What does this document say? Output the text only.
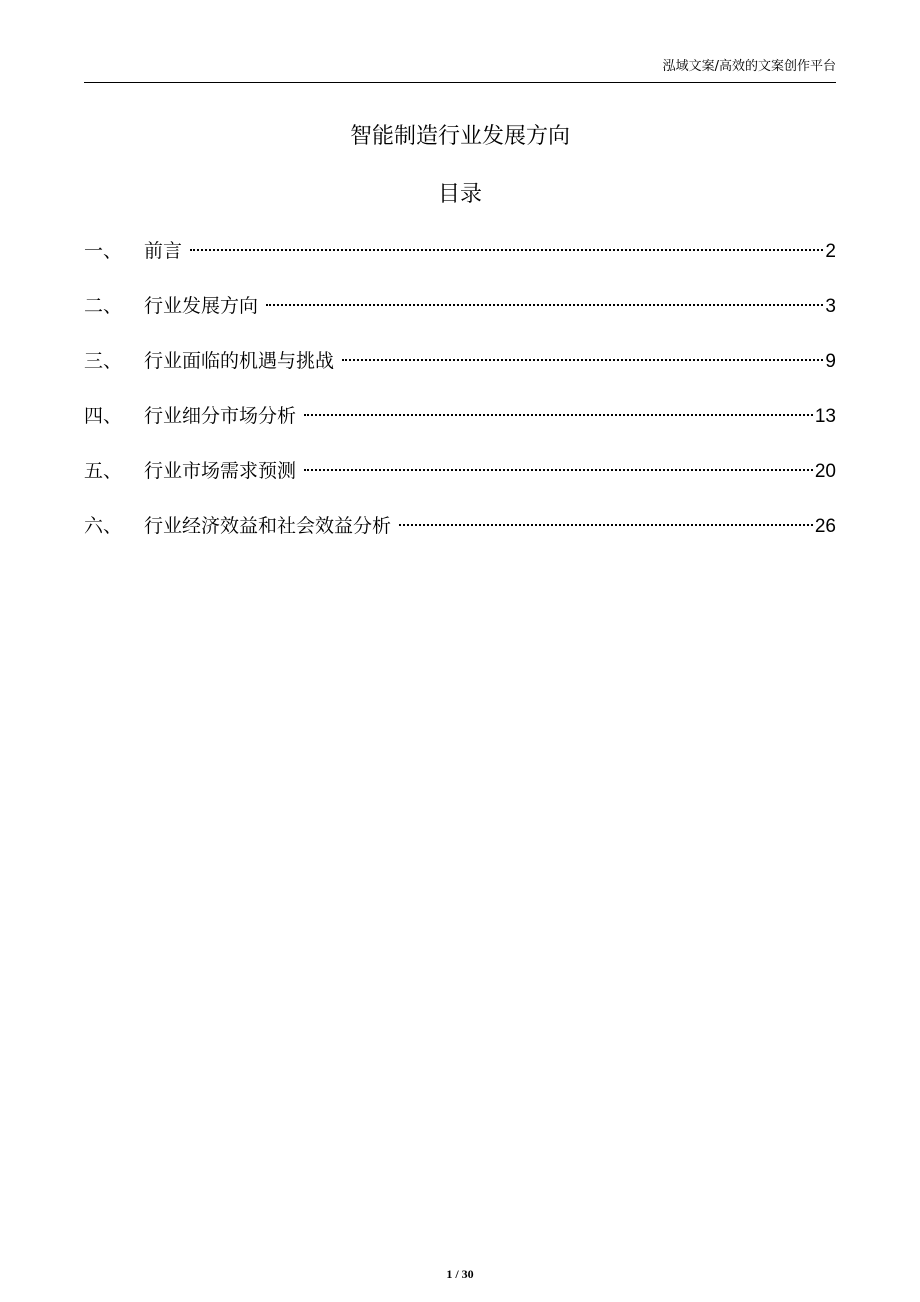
泓域文案/高效的文案创作平台
智能制造行业发展方向
目录
一、	前言	2
二、	行业发展方向	3
三、	行业面临的机遇与挑战	9
四、	行业细分市场分析	13
五、	行业市场需求预测	20
六、	行业经济效益和社会效益分析	26
1 / 30
